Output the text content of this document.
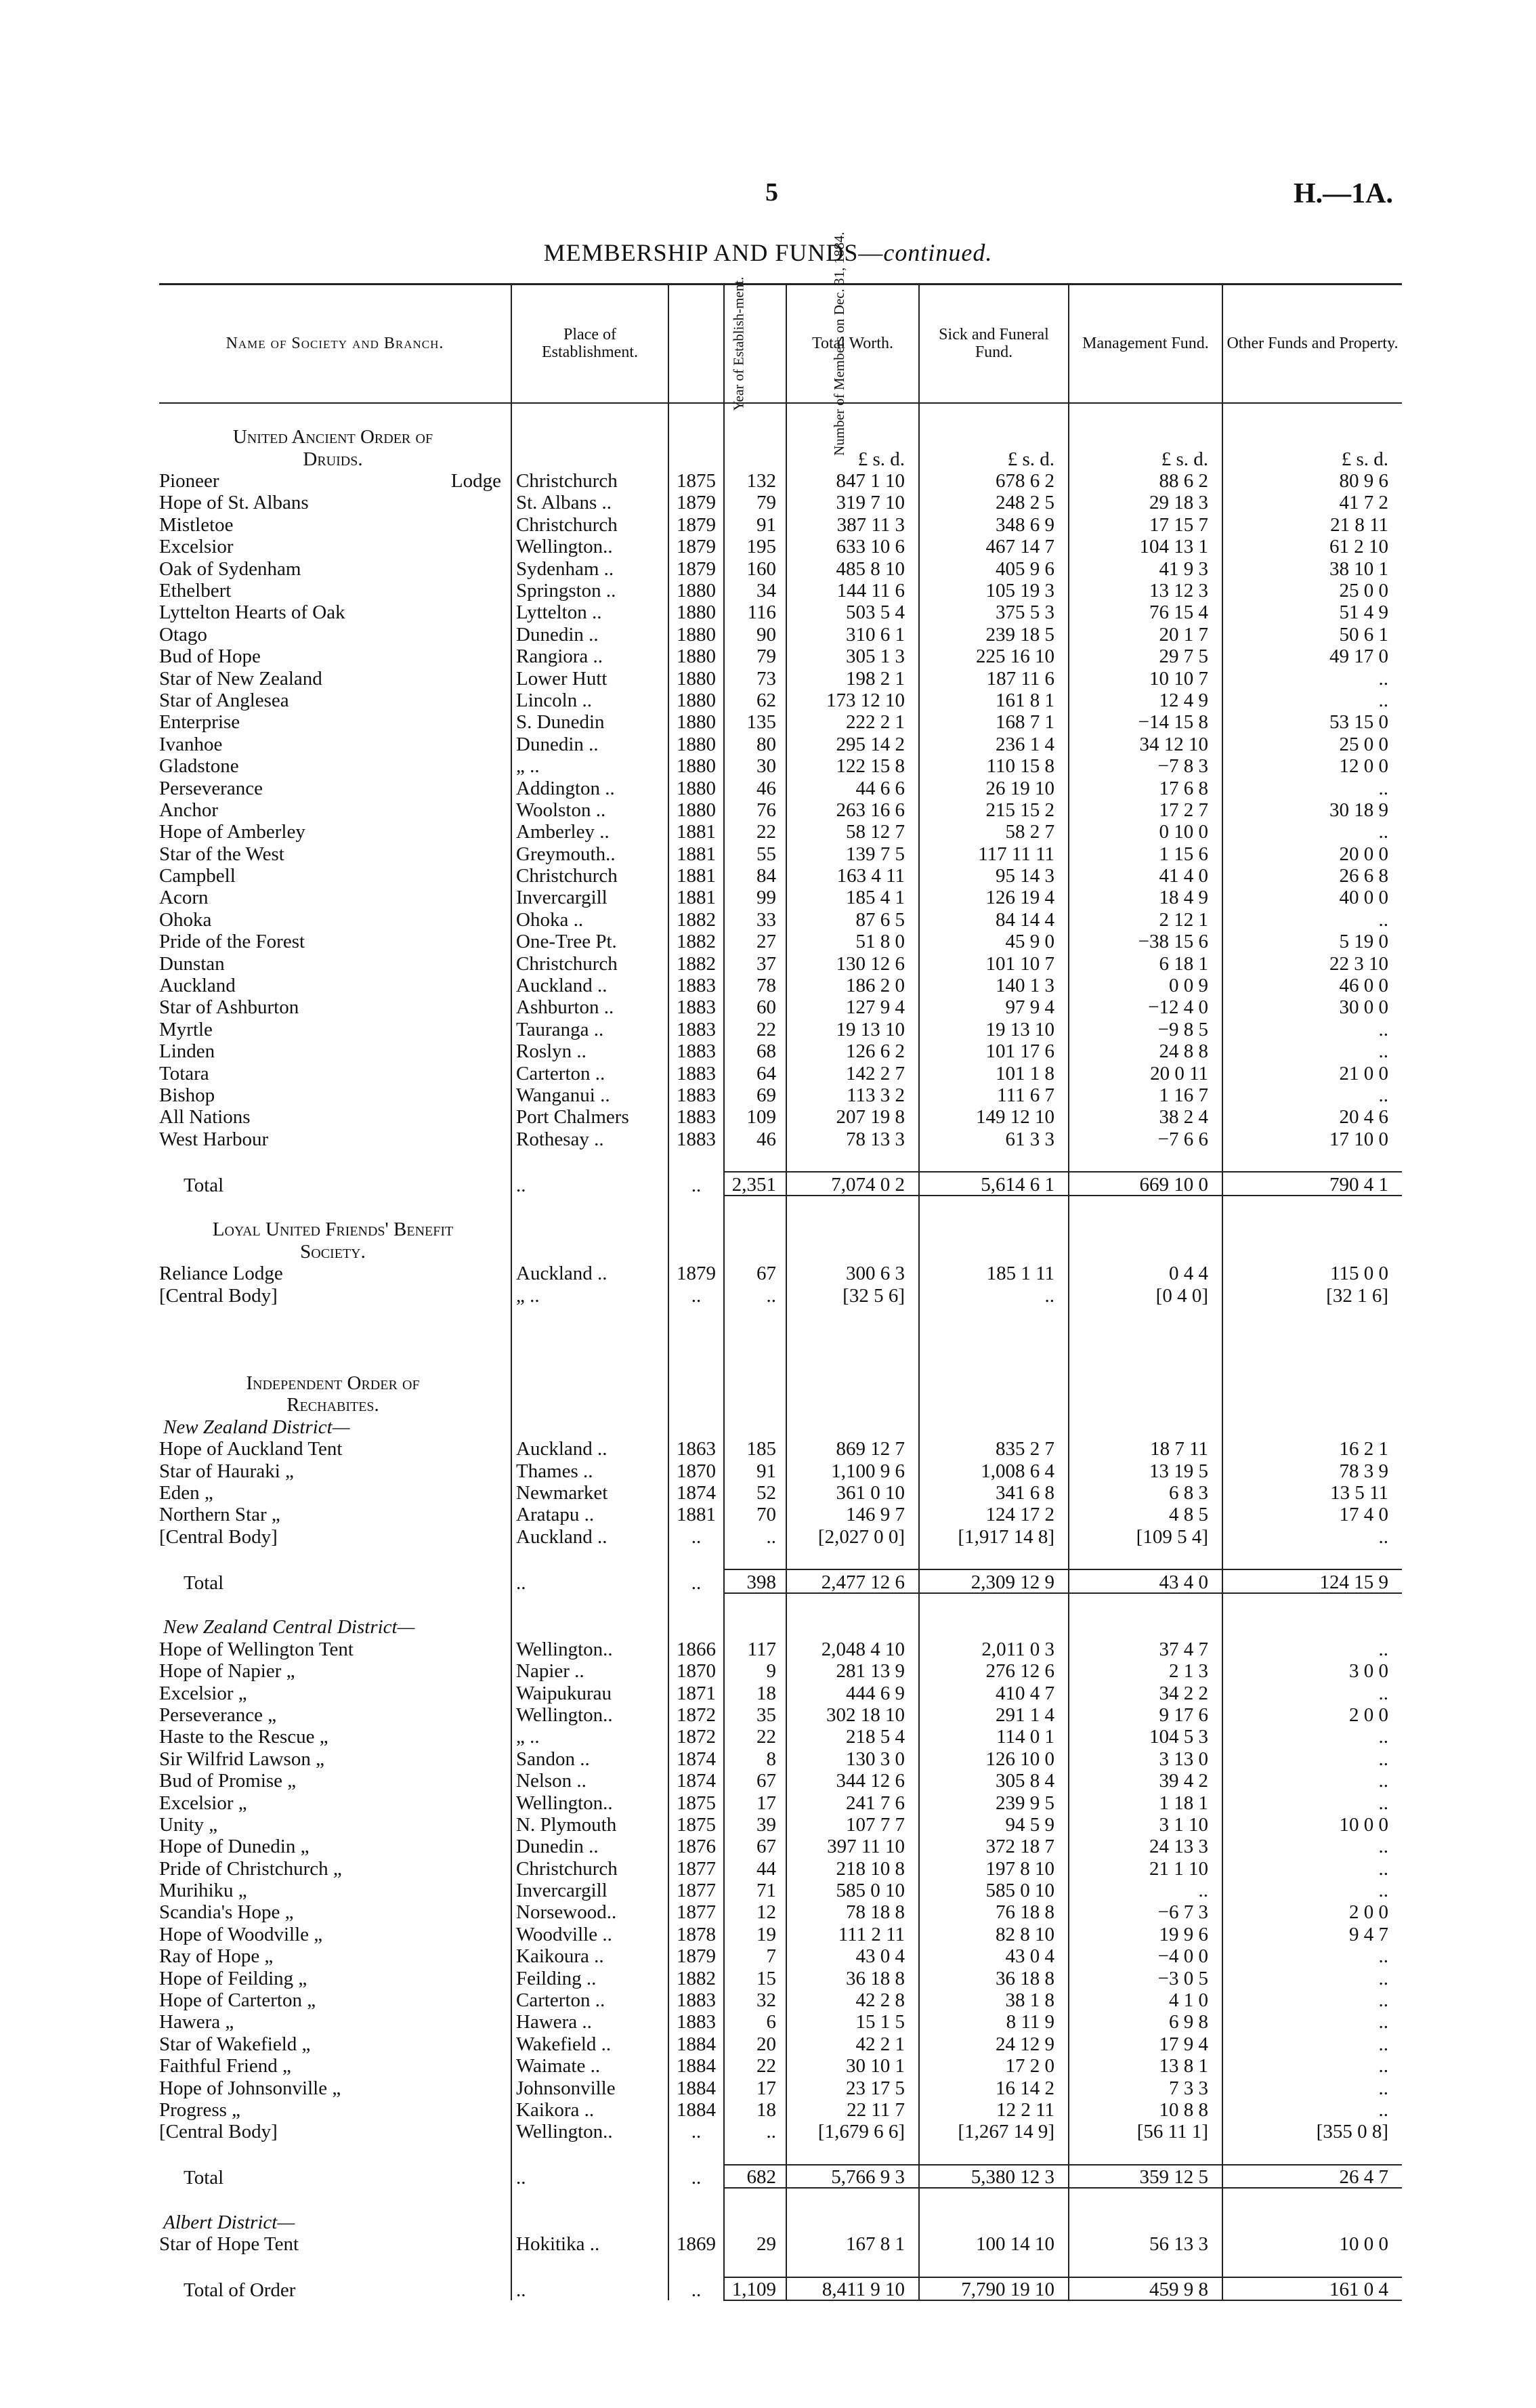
5	H.—1A.
MEMBERSHIP AND FUNDS—continued.
Name of Society and Branch.	Place of Establishment.	Year of Establish-ment.	Number of Members on Dec. 31, 1884.	Total Worth.	Sick and Funeral Fund.	Management Fund.	Other Funds and Property.

United Ancient Order of							
Druids.				£ s. d.	£ s. d.	£ s. d.	£ s. d.

Pioneer Lodge	Christchurch	1875	132	847 1 10	678 6 2	88 6 2	80 9 6
Hope of St. Albans	St. Albans ..	1879	79	319 7 10	248 2 5	29 18 3	41 7 2
Mistletoe	Christchurch	1879	91	387 11 3	348 6 9	17 15 7	21 8 11
Excelsior	Wellington..	1879	195	633 10 6	467 14 7	104 13 1	61 2 10
Oak of Sydenham	Sydenham ..	1879	160	485 8 10	405 9 6	41 9 3	38 10 1
Ethelbert	Springston ..	1880	34	144 11 6	105 19 3	13 12 3	25 0 0
Lyttelton Hearts of Oak	Lyttelton ..	1880	116	503 5 4	375 5 3	76 15 4	51 4 9
Otago	Dunedin ..	1880	90	310 6 1	239 18 5	20 1 7	50 6 1
Bud of Hope	Rangiora ..	1880	79	305 1 3	225 16 10	29 7 5	49 17 0
Star of New Zealand	Lower Hutt	1880	73	198 2 1	187 11 6	10 10 7	..
Star of Anglesea	Lincoln ..	1880	62	173 12 10	161 8 1	12 4 9	..
Enterprise	S. Dunedin	1880	135	222 2 1	168 7 1	−14 15 8	53 15 0
Ivanhoe	Dunedin ..	1880	80	295 14 2	236 1 4	34 12 10	25 0 0
Gladstone	„ ..	1880	30	122 15 8	110 15 8	−7 8 3	12 0 0
Perseverance	Addington ..	1880	46	44 6 6	26 19 10	17 6 8	..
Anchor	Woolston ..	1880	76	263 16 6	215 15 2	17 2 7	30 18 9
Hope of Amberley	Amberley ..	1881	22	58 12 7	58 2 7	0 10 0	..
Star of the West	Greymouth..	1881	55	139 7 5	117 11 11	1 15 6	20 0 0
Campbell	Christchurch	1881	84	163 4 11	95 14 3	41 4 0	26 6 8
Acorn	Invercargill	1881	99	185 4 1	126 19 4	18 4 9	40 0 0
Ohoka	Ohoka ..	1882	33	87 6 5	84 14 4	2 12 1	..
Pride of the Forest	One-Tree Pt.	1882	27	51 8 0	45 9 0	−38 15 6	5 19 0
Dunstan	Christchurch	1882	37	130 12 6	101 10 7	6 18 1	22 3 10
Auckland	Auckland ..	1883	78	186 2 0	140 1 3	0 0 9	46 0 0
Star of Ashburton	Ashburton ..	1883	60	127 9 4	97 9 4	−12 4 0	30 0 0
Myrtle	Tauranga ..	1883	22	19 13 10	19 13 10	−9 8 5	..
Linden	Roslyn ..	1883	68	126 6 2	101 17 6	24 8 8	..
Totara	Carterton ..	1883	64	142 2 7	101 1 8	20 0 11	21 0 0
Bishop	Wanganui ..	1883	69	113 3 2	111 6 7	1 16 7	..
All Nations	Port Chalmers	1883	109	207 19 8	149 12 10	38 2 4	20 4 6
West Harbour	Rothesay ..	1883	46	78 13 3	61 3 3	−7 6 6	17 10 0

Total	..	..	2,351	7,074 0 2	5,614 6 1	669 10 0	790 4 1

Loyal United Friends' Benefit							
Society.							
Reliance Lodge	Auckland ..	1879	67	300 6 3	185 1 11	0 4 4	115 0 0
[Central Body]	„ ..	..	..	[32 5 6]	..	[0 4 0]	[32 1 6]

Independent Order of							
Rechabites.							
New Zealand District—							
Hope of Auckland Tent	Auckland ..	1863	185	869 12 7	835 2 7	18 7 11	16 2 1
Star of Hauraki „	Thames ..	1870	91	1,100 9 6	1,008 6 4	13 19 5	78 3 9
Eden „	Newmarket	1874	52	361 0 10	341 6 8	6 8 3	13 5 11
Northern Star „	Aratapu ..	1881	70	146 9 7	124 17 2	4 8 5	17 4 0
[Central Body]	Auckland ..	..	..	[2,027 0 0]	[1,917 14 8]	[109 5 4]	..

Total	..	..	398	2,477 12 6	2,309 12 9	43 4 0	124 15 9

New Zealand Central District—							
Hope of Wellington Tent	Wellington..	1866	117	2,048 4 10	2,011 0 3	37 4 7	..
Hope of Napier „	Napier ..	1870	9	281 13 9	276 12 6	2 1 3	3 0 0
Excelsior „	Waipukurau	1871	18	444 6 9	410 4 7	34 2 2	..
Perseverance „	Wellington..	1872	35	302 18 10	291 1 4	9 17 6	2 0 0
Haste to the Rescue „	„ ..	1872	22	218 5 4	114 0 1	104 5 3	..
Sir Wilfrid Lawson „	Sandon ..	1874	8	130 3 0	126 10 0	3 13 0	..
Bud of Promise „	Nelson ..	1874	67	344 12 6	305 8 4	39 4 2	..
Excelsior „	Wellington..	1875	17	241 7 6	239 9 5	1 18 1	..
Unity „	N. Plymouth	1875	39	107 7 7	94 5 9	3 1 10	10 0 0
Hope of Dunedin „	Dunedin ..	1876	67	397 11 10	372 18 7	24 13 3	..
Pride of Christchurch „	Christchurch	1877	44	218 10 8	197 8 10	21 1 10	..
Murihiku „	Invercargill	1877	71	585 0 10	585 0 10	..	..
Scandia's Hope „	Norsewood..	1877	12	78 18 8	76 18 8	−6 7 3	2 0 0
Hope of Woodville „	Woodville ..	1878	19	111 2 11	82 8 10	19 9 6	9 4 7
Ray of Hope „	Kaikoura ..	1879	7	43 0 4	43 0 4	−4 0 0	..
Hope of Feilding „	Feilding ..	1882	15	36 18 8	36 18 8	−3 0 5	..
Hope of Carterton „	Carterton ..	1883	32	42 2 8	38 1 8	4 1 0	..
Hawera „	Hawera ..	1883	6	15 1 5	8 11 9	6 9 8	..
Star of Wakefield „	Wakefield ..	1884	20	42 2 1	24 12 9	17 9 4	..
Faithful Friend „	Waimate ..	1884	22	30 10 1	17 2 0	13 8 1	..
Hope of Johnsonville „	Johnsonville	1884	17	23 17 5	16 14 2	7 3 3	..
Progress „	Kaikora ..	1884	18	22 11 7	12 2 11	10 8 8	..
[Central Body]	Wellington..	..	..	[1,679 6 6]	[1,267 14 9]	[56 11 1]	[355 0 8]

Total	..	..	682	5,766 9 3	5,380 12 3	359 12 5	26 4 7

Albert District—							
Star of Hope Tent	Hokitika ..	1869	29	167 8 1	100 14 10	56 13 3	10 0 0

Total of Order	..	..	1,109	8,411 9 10	7,790 19 10	459 9 8	161 0 4
